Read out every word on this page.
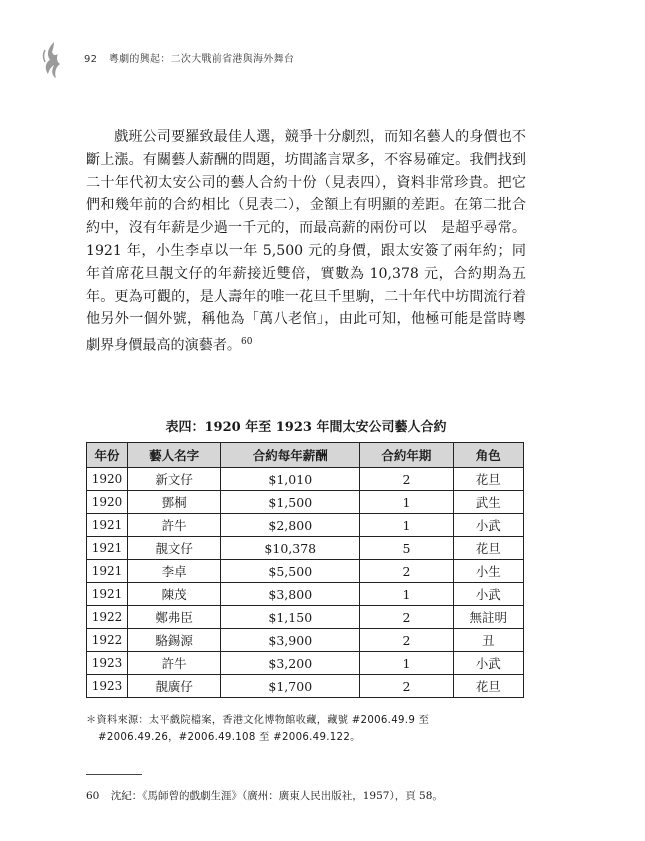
92 粵劇的興起：二次大戰前省港與海外舞台

戲班公司要羅致最佳人選，競爭十分劇烈，而知名藝人的身價也不斷上漲。有關藝人薪酬的問題，坊間謠言眾多，不容易確定。我們找到二十年代初太安公司的藝人合約十份（見表四），資料非常珍貴。把它們和幾年前的合約相比（見表二），金額上有明顯的差距。在第二批合約中，沒有年薪是少過一千元的，而最高薪的兩份可以　是超乎尋常。1921 年，小生李卓以一年 5,500 元的身價，跟太安簽了兩年約；同年首席花旦靚文仔的年薪接近雙倍，實數為 10,378 元，合約期為五年。更為可觀的，是人壽年的唯一花旦千里駒，二十年代中坊間流行着他另外一個外號，稱他為「萬八老倌」，由此可知，他極可能是當時粵劇界身價最高的演藝者。$^{60}$

表四：1920 年至 1923 年間太安公司藝人合約
年份	藝人名字	合約每年薪酬	合約年期	角色
1920	新文仔	$1,010	2	花旦
1920	鄧桐	$1,500	1	武生
1921	許牛	$2,800	1	小武
1921	靚文仔	$10,378	5	花旦
1921	李卓	$5,500	2	小生
1921	陳茂	$3,800	1	小武
1922	鄭弗臣	$1,150	2	無註明
1922	駱錫源	$3,900	2	丑
1923	許牛	$3,200	1	小武
1923	靚廣仔	$1,700	2	花旦
＊資料來源：太平戲院檔案，香港文化博物館收藏，藏號 #2006.49.9 至
#2006.49.26，#2006.49.108 至 #2006.49.122。
60 沈紀：《馬師曾的戲劇生涯》（廣州：廣東人民出版社，1957），頁 58。
